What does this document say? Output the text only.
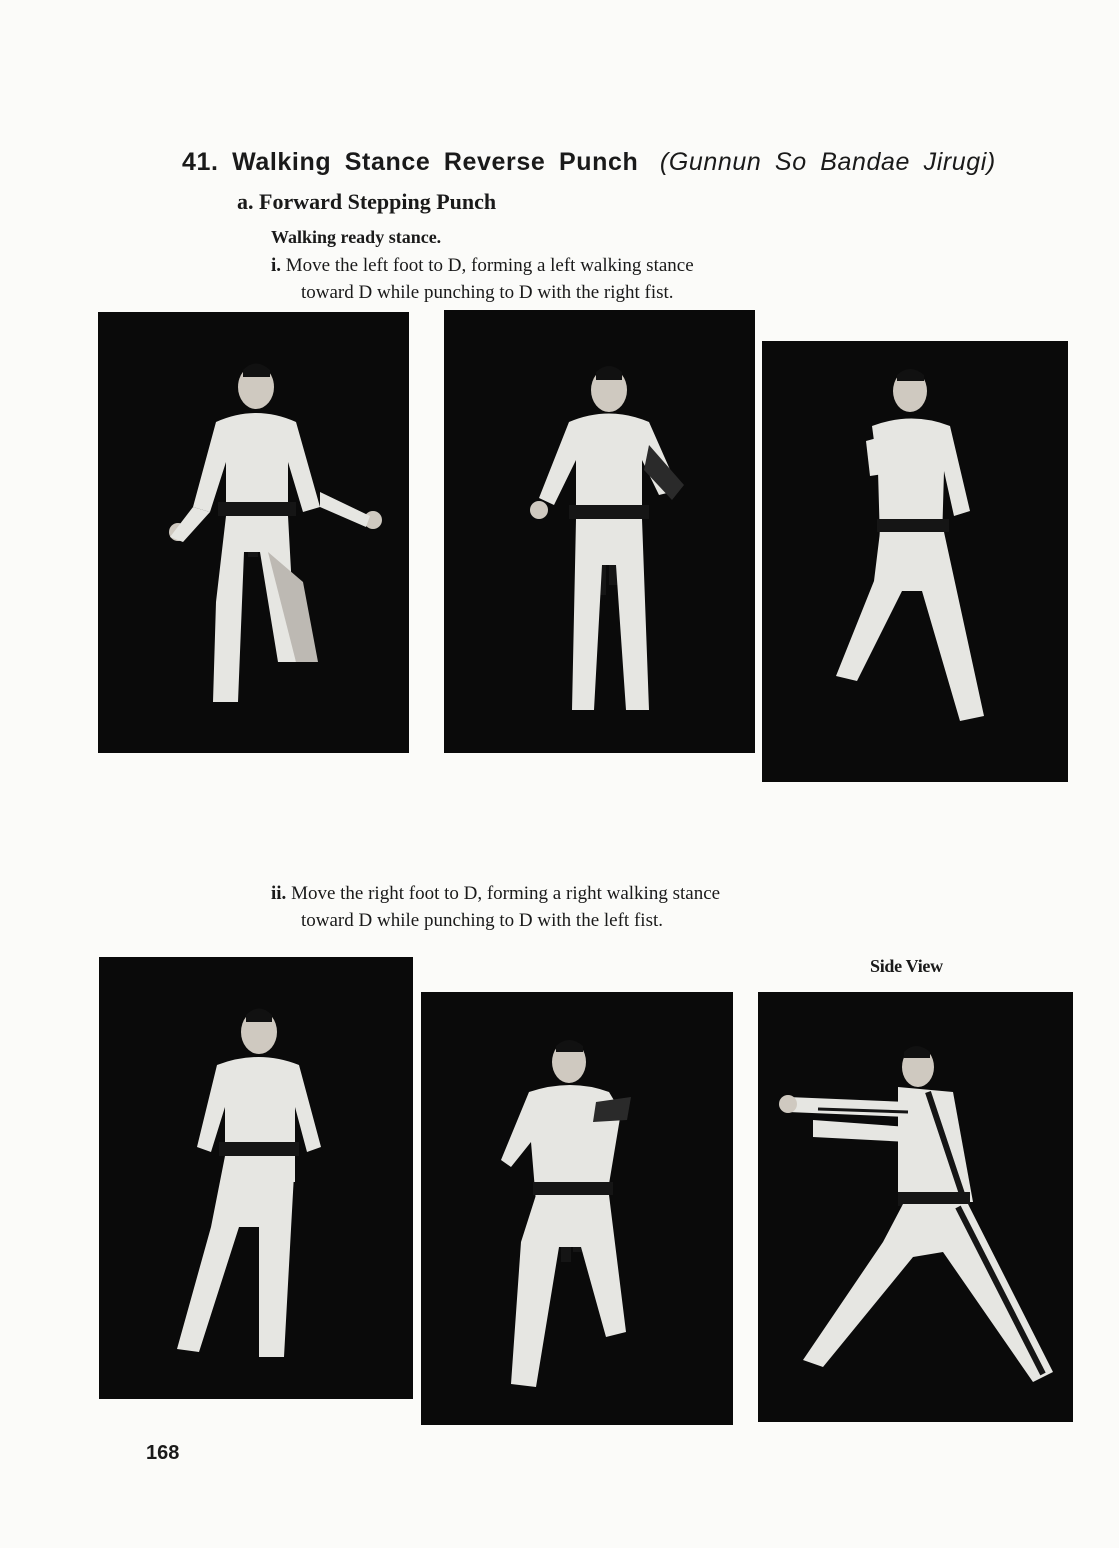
41. Walking Stance Reverse Punch (Gunnun So Bandae Jirugi)
a. Forward Stepping Punch
Walking ready stance.
i. Move the left foot to D, forming a left walking stance
toward D while punching to D with the right fist.
ii. Move the right foot to D, forming a right walking stance
toward D while punching to D with the left fist.
Side View
168
